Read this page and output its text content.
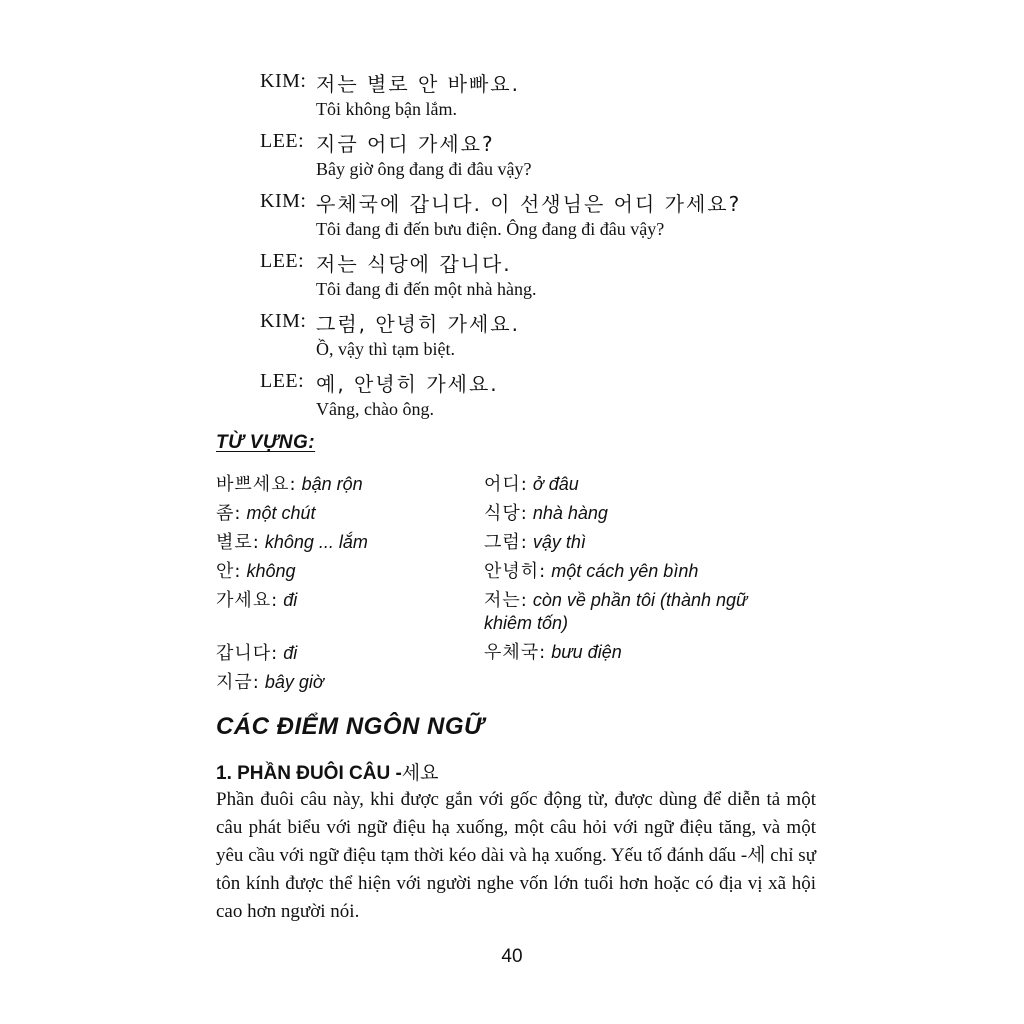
KIM: 저는 별로 안 바빠요.
Tôi không bận lắm.
LEE: 지금 어디 가세요?
Bây giờ ông đang đi đâu vậy?
KIM: 우체국에 갑니다. 이 선생님은 어디 가세요?
Tôi đang đi đến bưu điện. Ông đang đi đâu vậy?
LEE: 저는 식당에 갑니다.
Tôi đang đi đến một nhà hàng.
KIM: 그럼, 안녕히 가세요.
Ồ, vậy thì tạm biệt.
LEE: 예, 안녕히 가세요.
Vâng, chào ông.
TỪ VỰNG:
바쁘세요: bận rộn
좀: một chút
별로: không ... lắm
안: không
가세요: đi
갑니다: đi
지금: bây giờ
어디: ở đâu
식당: nhà hàng
그럼: vậy thì
안녕히: một cách yên bình
저는: còn về phần tôi (thành ngữ khiêm tốn)
우체국: bưu điện
CÁC ĐIỂM NGÔN NGỮ
1. PHẦN ĐUÔI CÂU -세요
Phần đuôi câu này, khi được gắn với gốc động từ, được dùng để diễn tả một câu phát biểu với ngữ điệu hạ xuống, một câu hỏi với ngữ điệu tăng, và một yêu cầu với ngữ điệu tạm thời kéo dài và hạ xuống. Yếu tố đánh dấu -세 chỉ sự tôn kính được thể hiện với người nghe vốn lớn tuổi hơn hoặc có địa vị xã hội cao hơn người nói.
40
